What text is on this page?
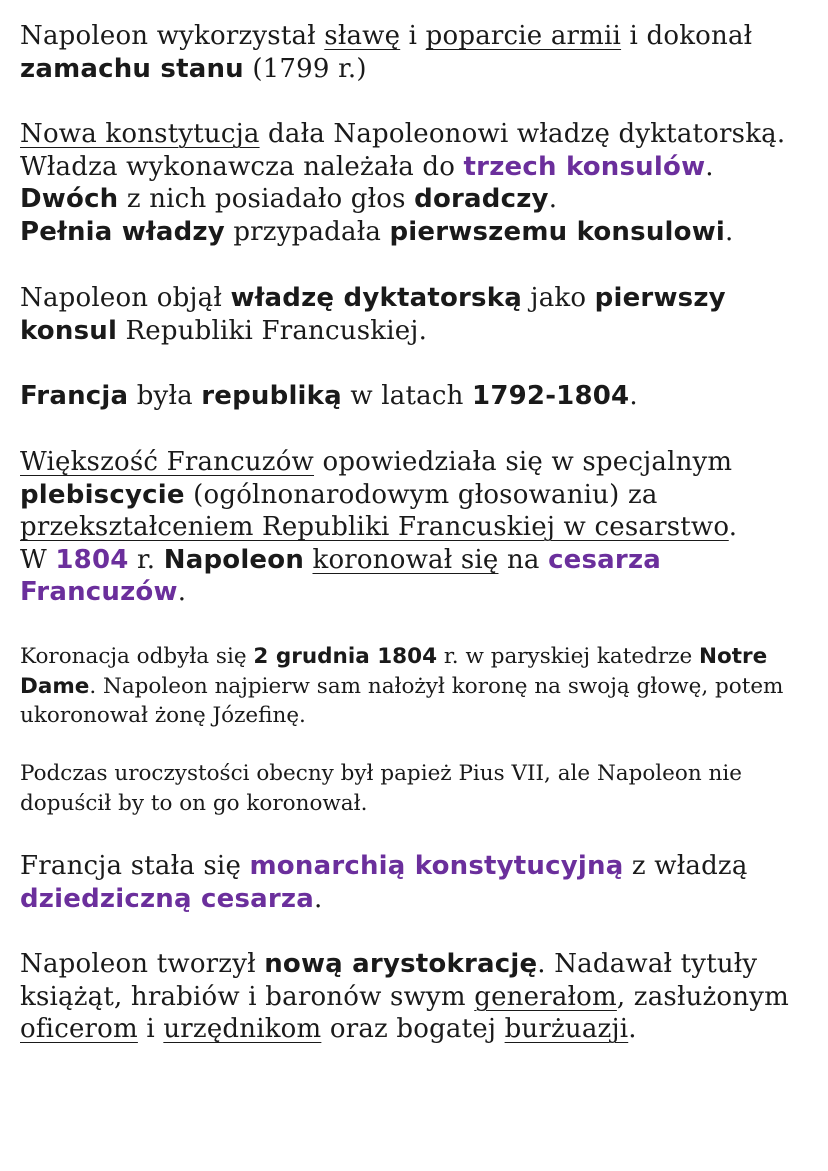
Napoleon wykorzystał sławę i poparcie armii i dokonał
zamachu stanu (1799 r.)

Nowa konstytucja dała Napoleonowi władzę dyktatorską.
Władza wykonawcza należała do trzech konsulów.
Dwóch z nich posiadało głos doradczy.
Pełnia władzy przypadała pierwszemu konsulowi.

Napoleon objął władzę dyktatorską jako pierwszy konsul Republiki Francuskiej.

Francja była republiką w latach 1792-1804.

Większość Francuzów opowiedziała się w specjalnym
plebiscycie (ogólnonarodowym głosowaniu) za
przekształceniem Republiki Francuskiej w cesarstwo.
W 1804 r. Napoleon koronował się na cesarza Francuzów.

Koronacja odbyła się 2 grudnia 1804 r. w paryskiej katedrze Notre Dame. Napoleon najpierw sam nałożył koronę na swoją głowę, potem ukoronował żonę Józefinę.

Podczas uroczystości obecny był papież Pius VII, ale Napoleon nie dopuścił by to on go koronował.

Francja stała się monarchią konstytucyjną z władzą
dziedziczną cesarza.

Napoleon tworzył nową arystokrację. Nadawał tytuły książąt, hrabiów i baronów swym generałom, zasłużonym oficerom i urzędnikom oraz bogatej burżuazji.
